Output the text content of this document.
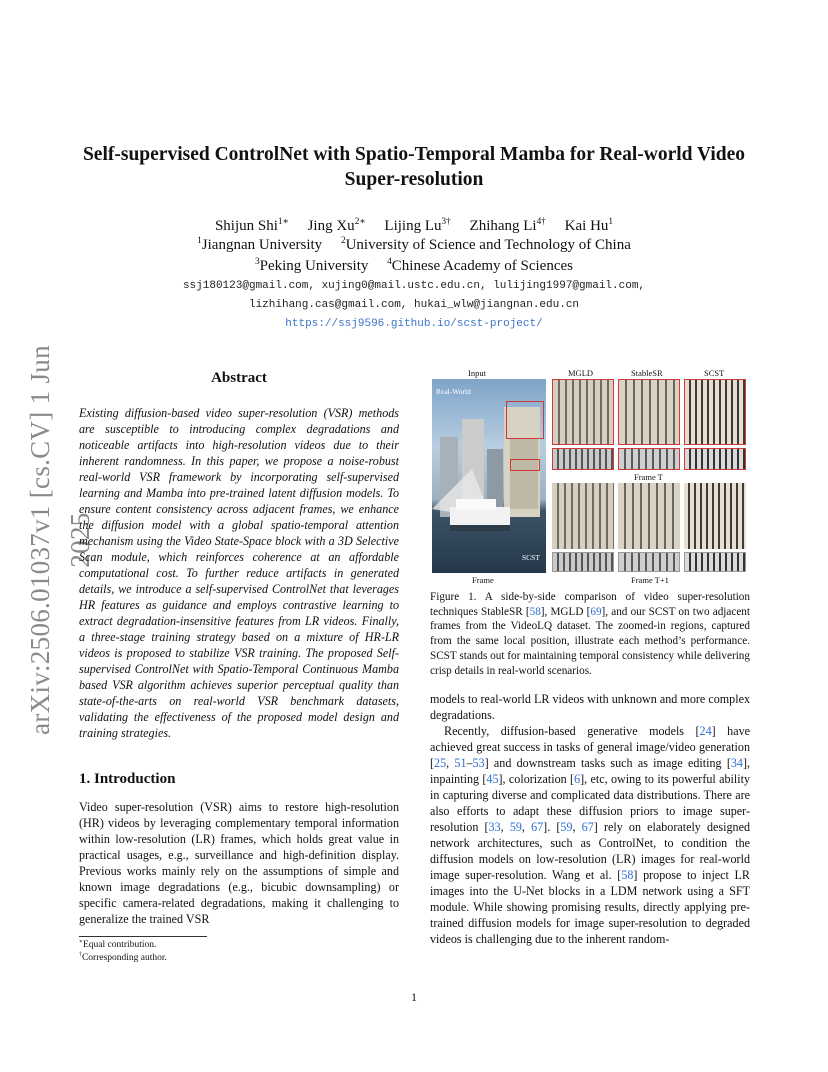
arXiv:2506.01037v1 [cs.CV] 1 Jun 2025
Self-supervised ControlNet with Spatio-Temporal Mamba for Real-world Video Super-resolution
Shijun Shi$^{1∗}$  Jing $Xu^{2∗}$  Lijing $Lu^{3\dagger}$  Zhihang $Li^{4\dagger}$  Kai Hu$^1$
$^1$Jiangnan University  $^2$University of Science and Technology of China
$^3$Peking University  $^4$Chinese Academy of Sciences
ssj180123@gmail.com, xujing0@mail.ustc.edu.cn, lulijing1997@gmail.com,
lizhihang.cas@gmail.com, hukai_wlw@jiangnan.edu.cn
https://ssj9596.github.io/scst-project/
Abstract
Existing diffusion-based video super-resolution (VSR) methods are susceptible to introducing complex degradations and noticeable artifacts into high-resolution videos due to their inherent randomness. In this paper, we propose a noise-robust real-world VSR framework by incorporating self-supervised learning and Mamba into pre-trained latent diffusion models. To ensure content consistency across adjacent frames, we enhance the diffusion model with a global spatio-temporal attention mechanism using the Video State-Space block with a 3D Selective Scan module, which reinforces coherence at an affordable computational cost. To further reduce artifacts in generated details, we introduce a self-supervised ControlNet that leverages HR features as guidance and employs contrastive learning to extract degradation-insensitive features from LR videos. Finally, a three-stage training strategy based on a mixture of HR-LR videos is proposed to stabilize VSR training. The proposed Self-supervised ControlNet with Spatio-Temporal Continuous Mamba based VSR algorithm achieves superior perceptual quality than state-of-the-arts on real-world VSR benchmark datasets, validating the effectiveness of the proposed model design and training strategies.
1. Introduction
Video super-resolution (VSR) aims to restore high-resolution (HR) videos by leveraging complementary temporal information within low-resolution (LR) frames, which holds great value in practical usages, e.g., surveillance and high-definition display. Previous works mainly rely on the assumptions of simple and known image degradations (e.g., bicubic downsampling) or specific camera-related degradations, making it challenging to generalize the trained VSR
∗Equal contribution.
†Corresponding author.
Input	MGLD	StableSR	SCST
Real-World
SCST
Frame
Frame T
Frame T+1
Figure 1. A side-by-side comparison of video super-resolution techniques StableSR [58], MGLD [69], and our SCST on two adjacent frames from the VideoLQ dataset. The zoomed-in regions, captured from the same local position, illustrate each method’s performance. SCST stands out for maintaining temporal consistency while delivering crisp details in real-world scenarios.
models to real-world LR videos with unknown and more complex degradations.
Recently, diffusion-based generative models [24] have achieved great success in tasks of general image/video generation [25, 51–53] and downstream tasks such as image editing [34], inpainting [45], colorization [6], etc, owing to its powerful ability in capturing diverse and complicated data distributions. There are also efforts to adapt these diffusion priors to image super-resolution [33, 59, 67]. [59, 67] rely on elaborately designed network architectures, such as ControlNet, to condition the diffusion models on low-resolution (LR) images for real-world image super-resolution. Wang et al. [58] propose to inject LR images into the U-Net blocks in a LDM network using a SFT module. While showing promising results, directly applying pre-trained diffusion models for image super-resolution to degraded videos is challenging due to the inherent random-
1
